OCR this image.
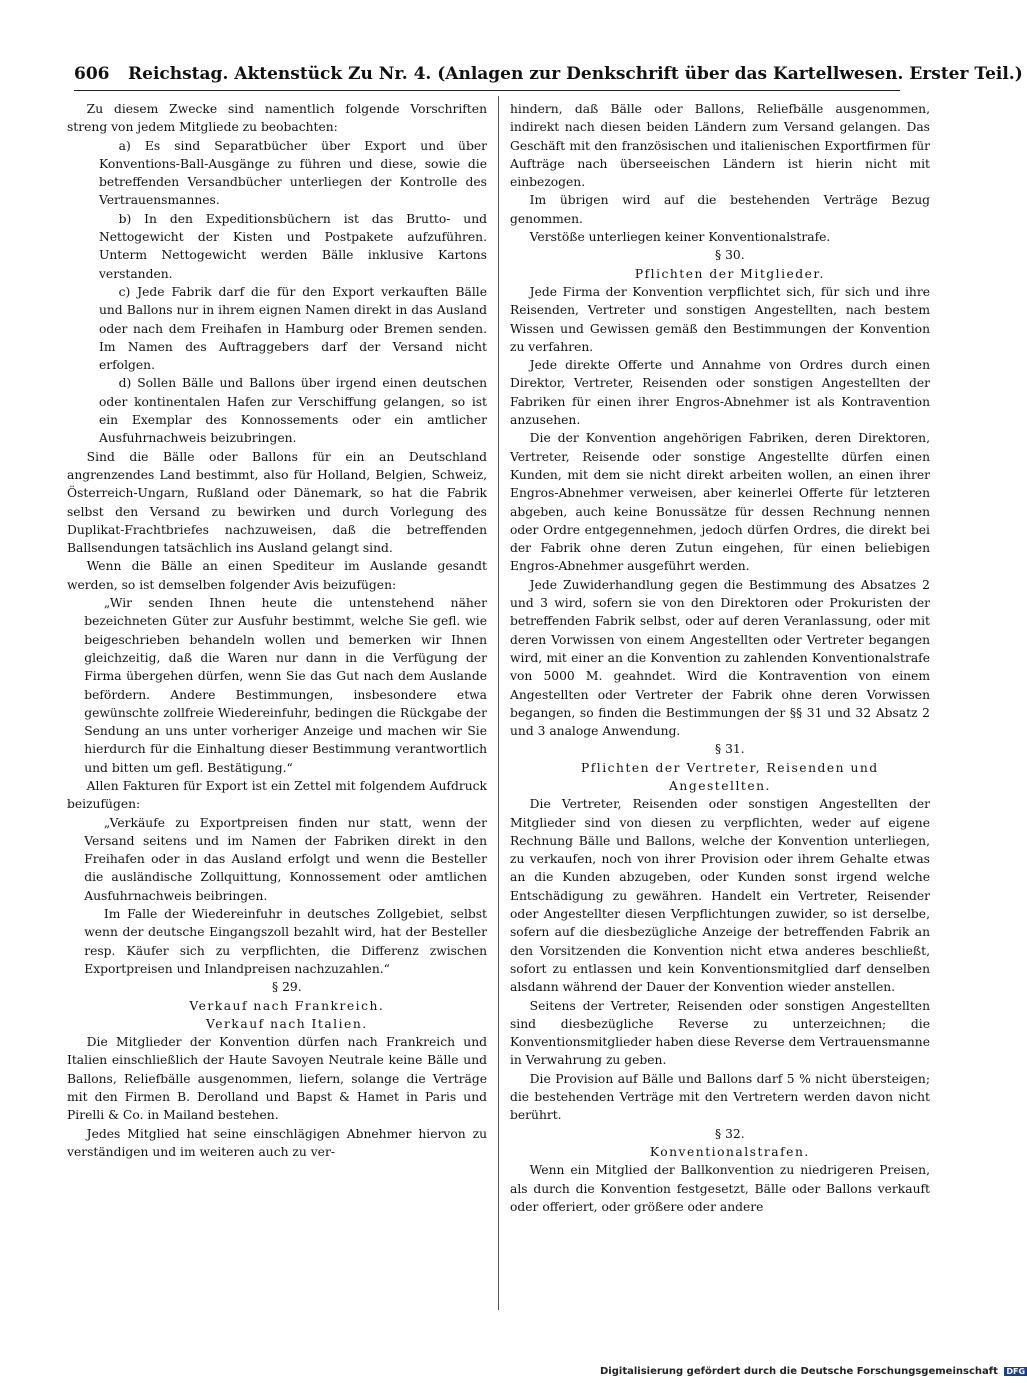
606 Reichstag. Aktenstück Zu Nr. 4. (Anlagen zur Denkschrift über das Kartellwesen. Erster Teil.)

Zu diesem Zwecke sind namentlich folgende Vorschriften streng von jedem Mitgliede zu beobachten:

a) Es sind Separatbücher über Export und über Konventions-Ball-Ausgänge zu führen und diese, sowie die betreffenden Versandbücher unterliegen der Kontrolle des Vertrauensmannes.

b) In den Expeditionsbüchern ist das Brutto- und Nettogewicht der Kisten und Postpakete aufzuführen. Unterm Nettogewicht werden Bälle inklusive Kartons verstanden.

c) Jede Fabrik darf die für den Export verkauften Bälle und Ballons nur in ihrem eignen Namen direkt in das Ausland oder nach dem Freihafen in Hamburg oder Bremen senden. Im Namen des Auftraggebers darf der Versand nicht erfolgen.

d) Sollen Bälle und Ballons über irgend einen deutschen oder kontinentalen Hafen zur Verschiffung gelangen, so ist ein Exemplar des Konnossements oder ein amtlicher Ausfuhrnachweis beizubringen.

Sind die Bälle oder Ballons für ein an Deutschland angrenzendes Land bestimmt, also für Holland, Belgien, Schweiz, Österreich-Ungarn, Rußland oder Dänemark, so hat die Fabrik selbst den Versand zu bewirken und durch Vorlegung des Duplikat-Frachtbriefes nachzuweisen, daß die betreffenden Ballsendungen tatsächlich ins Ausland gelangt sind.

Wenn die Bälle an einen Spediteur im Auslande gesandt werden, so ist demselben folgender Avis beizufügen:

„Wir senden Ihnen heute die untenstehend näher bezeichneten Güter zur Ausfuhr bestimmt, welche Sie gefl. wie beigeschrieben behandeln wollen und bemerken wir Ihnen gleichzeitig, daß die Waren nur dann in die Verfügung der Firma übergehen dürfen, wenn Sie das Gut nach dem Auslande befördern. Andere Bestimmungen, insbesondere etwa gewünschte zollfreie Wiedereinfuhr, bedingen die Rückgabe der Sendung an uns unter vorheriger Anzeige und machen wir Sie hierdurch für die Einhaltung dieser Bestimmung verantwortlich und bitten um gefl. Bestätigung.“

Allen Fakturen für Export ist ein Zettel mit folgendem Aufdruck beizufügen:

„Verkäufe zu Exportpreisen finden nur statt, wenn der Versand seitens und im Namen der Fabriken direkt in den Freihafen oder in das Ausland erfolgt und wenn die Besteller die ausländische Zollquittung, Konnossement oder amtlichen Ausfuhrnachweis beibringen.

Im Falle der Wiedereinfuhr in deutsches Zollgebiet, selbst wenn der deutsche Eingangszoll bezahlt wird, hat der Besteller resp. Käufer sich zu verpflichten, die Differenz zwischen Exportpreisen und Inlandpreisen nachzuzahlen.“

§ 29.

Verkauf nach Frankreich.

Verkauf nach Italien.

Die Mitglieder der Konvention dürfen nach Frankreich und Italien einschließlich der Haute Savoyen Neutrale keine Bälle und Ballons, Reliefbälle ausgenommen, liefern, solange die Verträge mit den Firmen B. Derolland und Bapst & Hamet in Paris und Pirelli & Co. in Mailand bestehen.

Jedes Mitglied hat seine einschlägigen Abnehmer hiervon zu verständigen und im weiteren auch zu ver-

hindern, daß Bälle oder Ballons, Reliefbälle ausgenommen, indirekt nach diesen beiden Ländern zum Versand gelangen. Das Geschäft mit den französischen und italienischen Exportfirmen für Aufträge nach überseeischen Ländern ist hierin nicht mit einbezogen.

Im übrigen wird auf die bestehenden Verträge Bezug genommen.

Verstöße unterliegen keiner Konventionalstrafe.

§ 30.

Pflichten der Mitglieder.

Jede Firma der Konvention verpflichtet sich, für sich und ihre Reisenden, Vertreter und sonstigen Angestellten, nach bestem Wissen und Gewissen gemäß den Bestimmungen der Konvention zu verfahren.

Jede direkte Offerte und Annahme von Ordres durch einen Direktor, Vertreter, Reisenden oder sonstigen Angestellten der Fabriken für einen ihrer Engros-Abnehmer ist als Kontravention anzusehen.

Die der Konvention angehörigen Fabriken, deren Direktoren, Vertreter, Reisende oder sonstige Angestellte dürfen einen Kunden, mit dem sie nicht direkt arbeiten wollen, an einen ihrer Engros-Abnehmer verweisen, aber keinerlei Offerte für letzteren abgeben, auch keine Bonussätze für dessen Rechnung nennen oder Ordre entgegennehmen, jedoch dürfen Ordres, die direkt bei der Fabrik ohne deren Zutun eingehen, für einen beliebigen Engros-Abnehmer ausgeführt werden.

Jede Zuwiderhandlung gegen die Bestimmung des Absatzes 2 und 3 wird, sofern sie von den Direktoren oder Prokuristen der betreffenden Fabrik selbst, oder auf deren Veranlassung, oder mit deren Vorwissen von einem Angestellten oder Vertreter begangen wird, mit einer an die Konvention zu zahlenden Konventionalstrafe von 5000 M. geahndet. Wird die Kontravention von einem Angestellten oder Vertreter der Fabrik ohne deren Vorwissen begangen, so finden die Bestimmungen der §§ 31 und 32 Absatz 2 und 3 analoge Anwendung.

§ 31.

Pflichten der Vertreter, Reisenden und Angestellten.

Die Vertreter, Reisenden oder sonstigen Angestellten der Mitglieder sind von diesen zu verpflichten, weder auf eigene Rechnung Bälle und Ballons, welche der Konvention unterliegen, zu verkaufen, noch von ihrer Provision oder ihrem Gehalte etwas an die Kunden abzugeben, oder Kunden sonst irgend welche Entschädigung zu gewähren. Handelt ein Vertreter, Reisender oder Angestellter diesen Verpflichtungen zuwider, so ist derselbe, sofern auf die diesbezügliche Anzeige der betreffenden Fabrik an den Vorsitzenden die Konvention nicht etwa anderes beschließt, sofort zu entlassen und kein Konventionsmitglied darf denselben alsdann während der Dauer der Konvention wieder anstellen.

Seitens der Vertreter, Reisenden oder sonstigen Angestellten sind diesbezügliche Reverse zu unterzeichnen; die Konventionsmitglieder haben diese Reverse dem Vertrauensmanne in Verwahrung zu geben.

Die Provision auf Bälle und Ballons darf 5 % nicht übersteigen; die bestehenden Verträge mit den Vertretern werden davon nicht berührt.

§ 32.

Konventionalstrafen.

Wenn ein Mitglied der Ballkonvention zu niedrigeren Preisen, als durch die Konvention festgesetzt, Bälle oder Ballons verkauft oder offeriert, oder größere oder andere

Digitalisierung gefördert durch die Deutsche Forschungsgemeinschaft DFG
